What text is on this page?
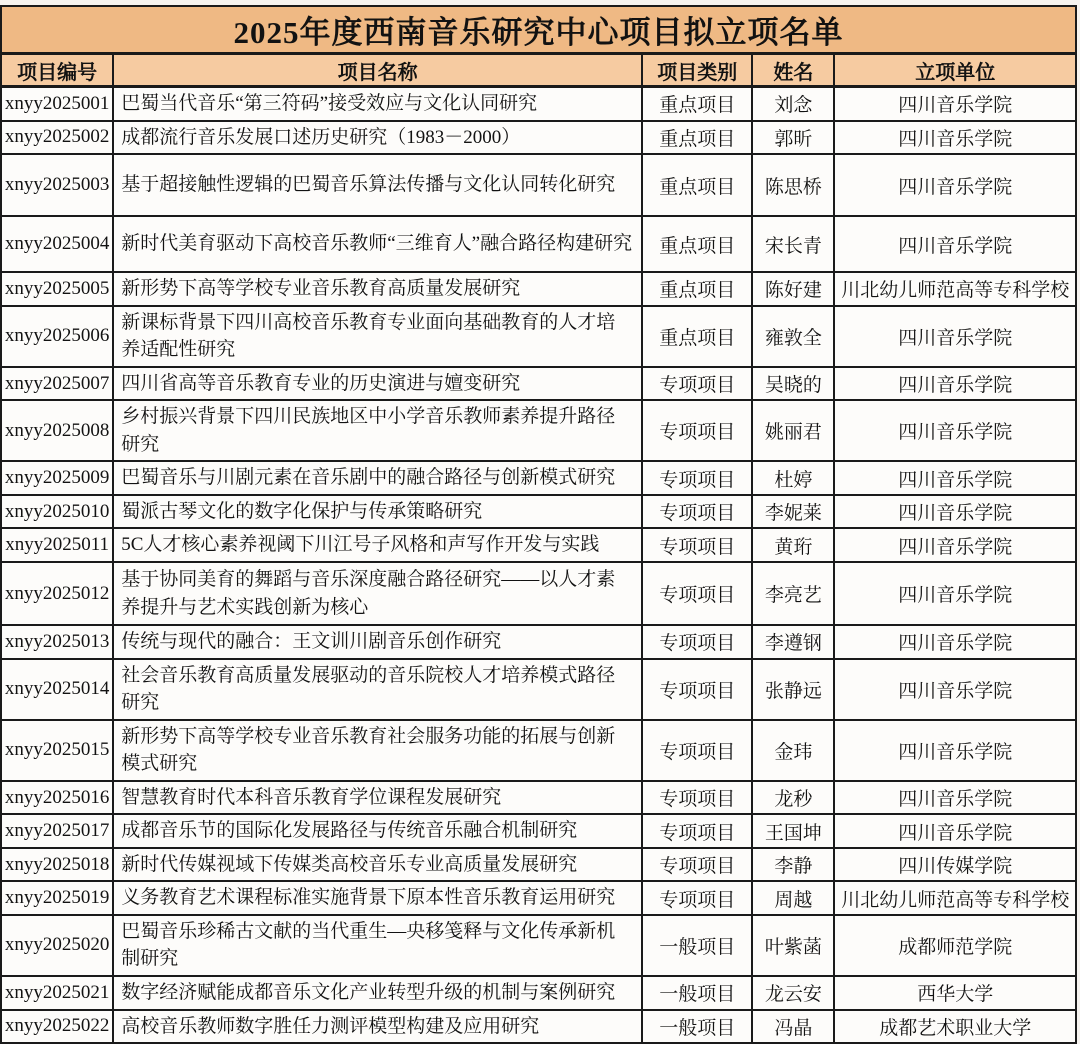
2025年度西南音乐研究中心项目拟立项名单				
项目编号	项目名称	项目类别	姓名	立项单位
xnyy2025001	巴蜀当代音乐“第三符码”接受效应与文化认同研究	重点项目	刘念	四川音乐学院
xnyy2025002	成都流行音乐发展口述历史研究（1983－2000）	重点项目	郭昕	四川音乐学院
xnyy2025003	基于超接触性逻辑的巴蜀音乐算法传播与文化认同转化研究	重点项目	陈思桥	四川音乐学院
xnyy2025004	新时代美育驱动下高校音乐教师“三维育人”融合路径构建研究	重点项目	宋长青	四川音乐学院
xnyy2025005	新形势下高等学校专业音乐教育高质量发展研究	重点项目	陈好建	川北幼儿师范高等专科学校
xnyy2025006	新课标背景下四川高校音乐教育专业面向基础教育的人才培养适配性研究	重点项目	雍敦全	四川音乐学院
xnyy2025007	四川省高等音乐教育专业的历史演进与嬗变研究	专项项目	吴晓的	四川音乐学院
xnyy2025008	乡村振兴背景下四川民族地区中小学音乐教师素养提升路径研究	专项项目	姚丽君	四川音乐学院
xnyy2025009	巴蜀音乐与川剧元素在音乐剧中的融合路径与创新模式研究	专项项目	杜婷	四川音乐学院
xnyy2025010	蜀派古琴文化的数字化保护与传承策略研究	专项项目	李妮莱	四川音乐学院
xnyy2025011	5C人才核心素养视阈下川江号子风格和声写作开发与实践	专项项目	黄珩	四川音乐学院
xnyy2025012	基于协同美育的舞蹈与音乐深度融合路径研究——以人才素养提升与艺术实践创新为核心	专项项目	李亮艺	四川音乐学院
xnyy2025013	传统与现代的融合：王文训川剧音乐创作研究	专项项目	李遵钢	四川音乐学院
xnyy2025014	社会音乐教育高质量发展驱动的音乐院校人才培养模式路径研究	专项项目	张静远	四川音乐学院
xnyy2025015	新形势下高等学校专业音乐教育社会服务功能的拓展与创新模式研究	专项项目	金玮	四川音乐学院
xnyy2025016	智慧教育时代本科音乐教育学位课程发展研究	专项项目	龙秒	四川音乐学院
xnyy2025017	成都音乐节的国际化发展路径与传统音乐融合机制研究	专项项目	王国坤	四川音乐学院
xnyy2025018	新时代传媒视域下传媒类高校音乐专业高质量发展研究	专项项目	李静	四川传媒学院
xnyy2025019	义务教育艺术课程标准实施背景下原本性音乐教育运用研究	专项项目	周越	川北幼儿师范高等专科学校
xnyy2025020	巴蜀音乐珍稀古文献的当代重生—央移笺释与文化传承新机制研究	一般项目	叶紫菡	成都师范学院
xnyy2025021	数字经济赋能成都音乐文化产业转型升级的机制与案例研究	一般项目	龙云安	西华大学
xnyy2025022	高校音乐教师数字胜任力测评模型构建及应用研究	一般项目	冯晶	成都艺术职业大学
